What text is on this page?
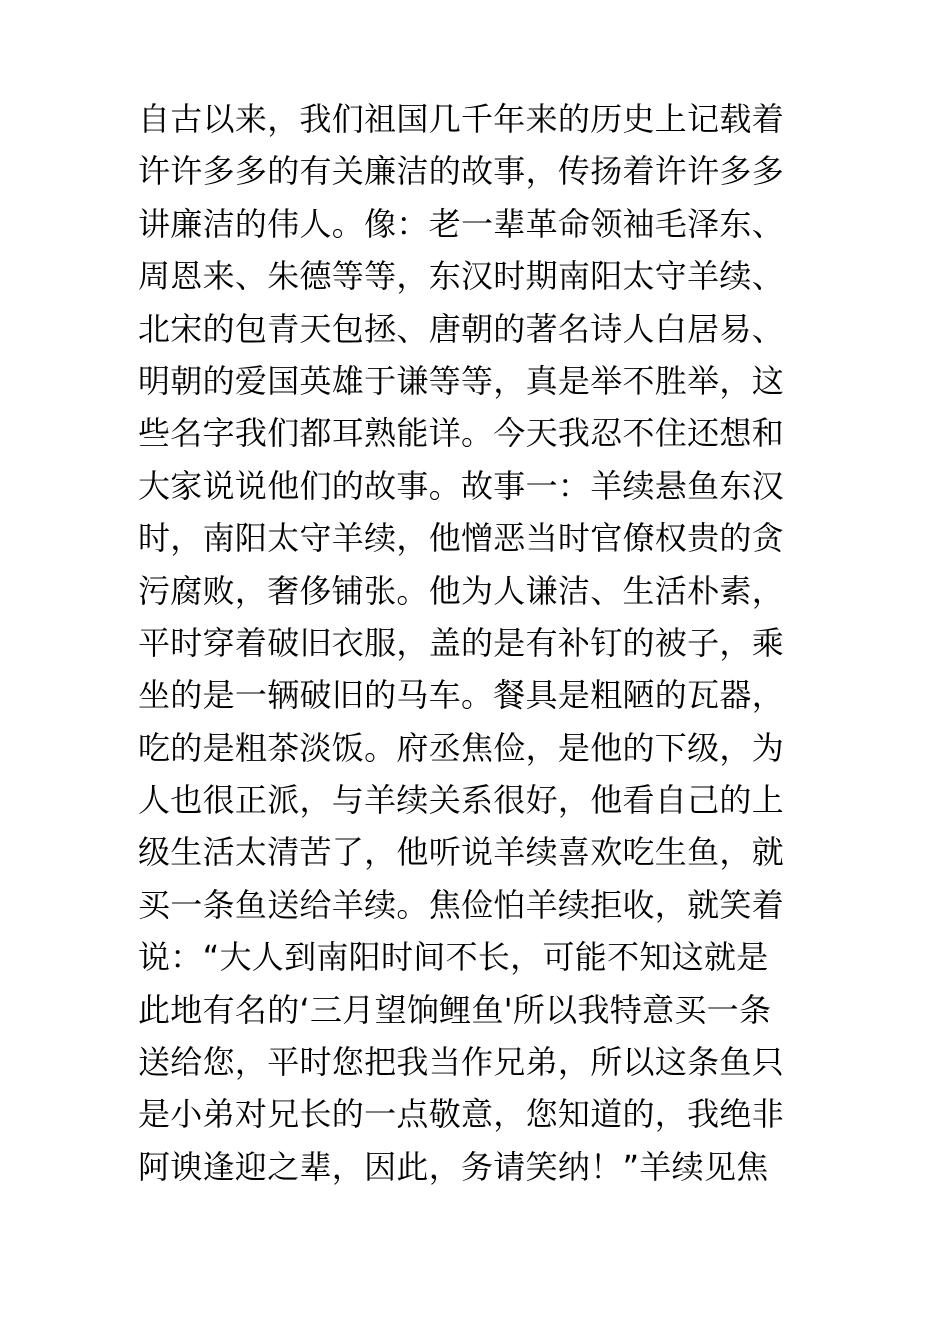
自古以来，我们祖国几千年来的历史上记载着
许许多多的有关廉洁的故事，传扬着许许多多
讲廉洁的伟人。像：老一辈革命领袖毛泽东、
周恩来、朱德等等，东汉时期南阳太守羊续、
北宋的包青天包拯、唐朝的著名诗人白居易、
明朝的爱国英雄于谦等等，真是举不胜举，这
些名字我们都耳熟能详。今天我忍不住还想和
大家说说他们的故事。故事一：羊续悬鱼东汉
时，南阳太守羊续，他憎恶当时官僚权贵的贪
污腐败，奢侈铺张。他为人谦洁、生活朴素，
平时穿着破旧衣服，盖的是有补钉的被子，乘
坐的是一辆破旧的马车。餐具是粗陋的瓦器，
吃的是粗茶淡饭。府丞焦俭，是他的下级，为
人也很正派，与羊续关系很好，他看自己的上
级生活太清苦了，他听说羊续喜欢吃生鱼，就
买一条鱼送给羊续。焦俭怕羊续拒收，就笑着
说：“大人到南阳时间不长，可能不知这就是
此地有名的‘三月望饷鲤鱼'所以我特意买一条
送给您，平时您把我当作兄弟，所以这条鱼只
是小弟对兄长的一点敬意，您知道的，我绝非
阿谀逢迎之辈，因此，务请笑纳！”羊续见焦
